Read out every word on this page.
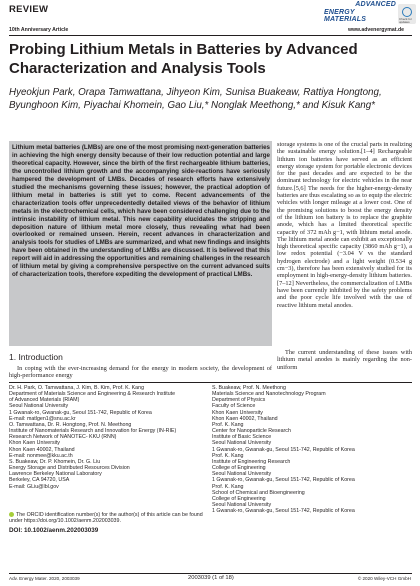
REVIEW
10th Anniversary Article	www.advenergymat.de
ADVANCED
ENERGY MATERIALS	Check for updates
Probing Lithium Metals in Batteries by Advanced Characterization and Analysis Tools
Hyeokjun Park, Orapa Tamwattana, Jihyeon Kim, Sunisa Buakeaw, Rattiya Hongtong, Byunghoon Kim, Piyachai Khomein, Gao Liu,* Nonglak Meethong,* and Kisuk Kang*
Lithium metal batteries (LMBs) are one of the most promising next-generation batteries in achieving the high energy density because of their low reduction potential and large theoretical capacity. However, since the birth of the first rechargeable lithium batteries, the uncontrolled lithium growth and the accompanying side-reactions have seriously hampered the development of LMBs. Decades of research efforts have extensively studied the mechanisms governing these issues; however, the practical adoption of lithium metal in batteries is still yet to come. Recent advancements of the characterization tools offer unprecedentedly detailed views of the behavior of lithium metals in the electrochemical cells, which have been considered challenging due to the intrinsic instability of lithium metal. This new capability elucidates the stripping and deposition nature of lithium metal more closely, thus revealing what had been overlooked or remained unseen. Herein, recent advances in characterization and analysis tools for studies of LMBs are summarized, and what new findings and insights have been obtained in the understanding of LMBs are discussed. It is believed that this report will aid in addressing the opportunities and remaining challenges in the research of lithium metal by giving a comprehensive perspective on the current advanced suits of characterization tools, therefore expediting the development of practical LMBs.
storage systems is one of the crucial parts in realizing the sustainable energy solution.[1–4] Rechargeable lithium ion batteries have served as an efficient energy storage system for portable electronic devices for the past decades and are expected to be the dominant technology for electric vehicles in the near future.[5,6] The needs for the higher-energy-density batteries are thus escalating so as to equip the electric vehicles with longer mileage at a lower cost. One of the promising solutions to boost the energy density of the lithium ion battery is to replace the graphite anode, which has a limited theoretical specific capacity of 372 mAh g−1, with lithium metal anode. The lithium metal anode can exhibit an exceptionally high theoretical specific capacity (3860 mAh g−1), a low redox potential (−3.04 V vs the standard hydrogen electrode) and a light weight (0.534 g cm−3), therefore has been extensively studied for its employment in high-energy-density lithium batteries.[7–12] Nevertheless, the commercialization of LMBs have been currently inhibited by the safety problems and the poor cycle life involved with the use of reactive lithium metal anodes.
The current understanding of these issues with lithium metal anodes is mainly regarding the non-uniform
1. Introduction
In coping with the ever-increasing demand for the energy in modern society, the development of high-performance energy
Dr. H. Park, O. Tamwattana, J. Kim, B. Kim, Prof. K. Kang
Department of Materials Science and Engineering & Research Institute
of Advanced Materials (RIAM)
Seoul National University
1 Gwanak-ro, Gwanak-gu, Seoul 151-742, Republic of Korea
E-mail: matlgen1@snu.ac.kr
O. Tamwattana, Dr. R. Hongtong, Prof. N. Meethong
Institute of Nanomaterials Research and Innovation for Energy (IN-RIE)
Research Network of NANOTEC- KKU (RNN)
Khon Kaen University
Khon Kaen 40002, Thailand
E-mail: nonmee@kku.ac.th
S. Buakeaw, Dr. P. Khomein, Dr. G. Liu
Energy Storage and Distributed Resources Division
Lawrence Berkeley National Laboratory
Berkeley, CA 94720, USA
E-mail: GLiu@lbl.gov
S. Buakeaw, Prof. N. Meethong
Materials Science and Nanotechnology Program
Department of Physics
Faculty of Science
Khon Kaen University
Khon Kaen 40002, Thailand
Prof. K. Kang
Center for Nanoparticle Research
Institute of Basic Science
Seoul National University
1 Gwanak-ro, Gwanak-gu, Seoul 151-742, Republic of Korea
Prof. K. Kang
Institute of Engineering Research
College of Engineering
Seoul National University
1 Gwanak-ro, Gwanak-gu, Seoul 151-742, Republic of Korea
Prof. K. Kang
School of Chemical and Bioengineering
College of Engineering
Seoul National University
1 Gwanak-ro, Gwanak-gu, Seoul 151-742, Republic of Korea
The ORCID identification number(s) for the author(s) of this article can be found under https://doi.org/10.1002/aenm.202003039.
DOI: 10.1002/aenm.202003039
Adv. Energy Mater. 2020, 2003039	2003039 (1 of 18)	© 2020 Wiley-VCH GmbH
